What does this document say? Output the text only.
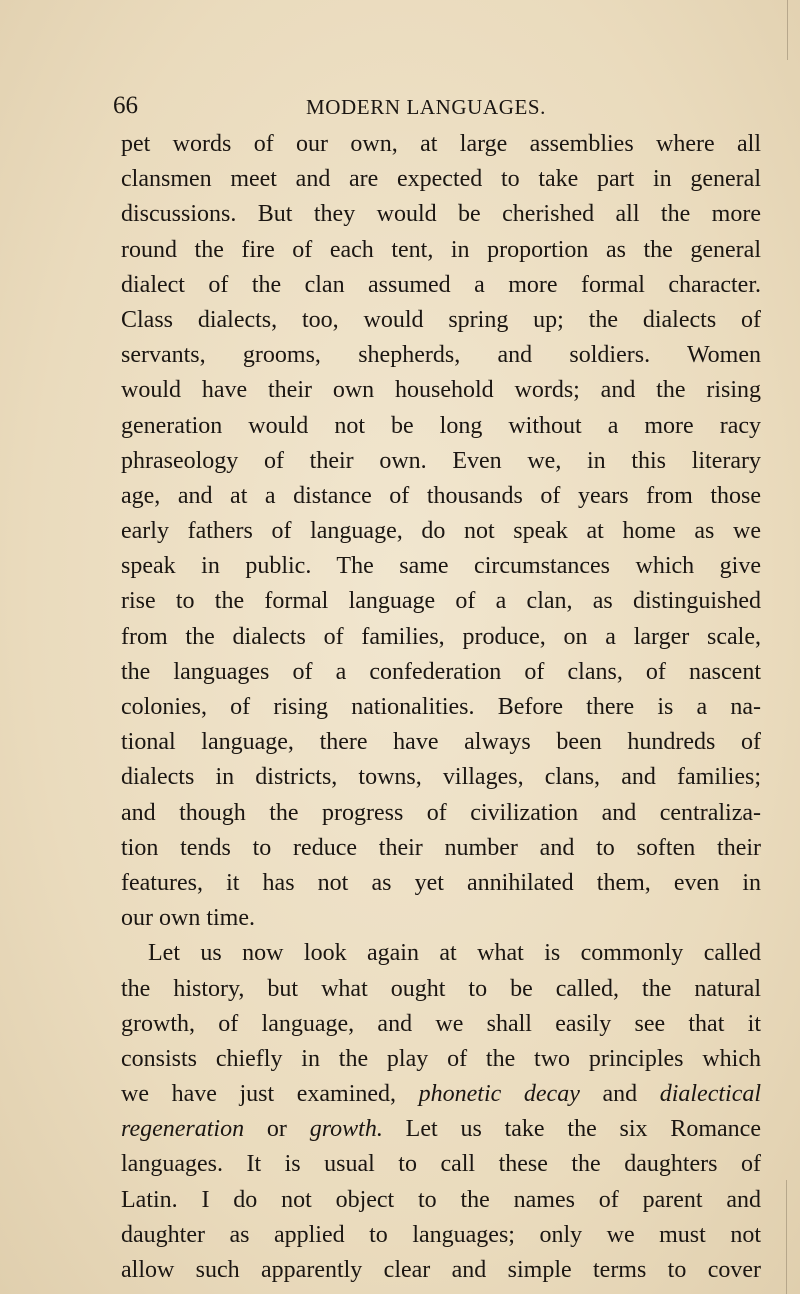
66	MODERN LANGUAGES.
pet words of our own, at large assemblies where all
clansmen meet and are expected to take part in general
discussions. But they would be cherished all the more
round the fire of each tent, in proportion as the general
dialect of the clan assumed a more formal character.
Class dialects, too, would spring up; the dialects of
servants, grooms, shepherds, and soldiers. Women
would have their own household words; and the rising
generation would not be long without a more racy
phraseology of their own. Even we, in this literary
age, and at a distance of thousands of years from those
early fathers of language, do not speak at home as we
speak in public. The same circumstances which give
rise to the formal language of a clan, as distinguished
from the dialects of families, produce, on a larger scale,
the languages of a confederation of clans, of nascent
colonies, of rising nationalities. Before there is a na-
tional language, there have always been hundreds of
dialects in districts, towns, villages, clans, and families;
and though the progress of civilization and centraliza-
tion tends to reduce their number and to soften their
features, it has not as yet annihilated them, even in
our own time.
Let us now look again at what is commonly called
the history, but what ought to be called, the natural
growth, of language, and we shall easily see that it
consists chiefly in the play of the two principles which
we have just examined, phonetic decay and dialectical
regeneration or growth. Let us take the six Romance
languages. It is usual to call these the daughters of
Latin. I do not object to the names of parent and
daughter as applied to languages; only we must not
allow such apparently clear and simple terms to cover
